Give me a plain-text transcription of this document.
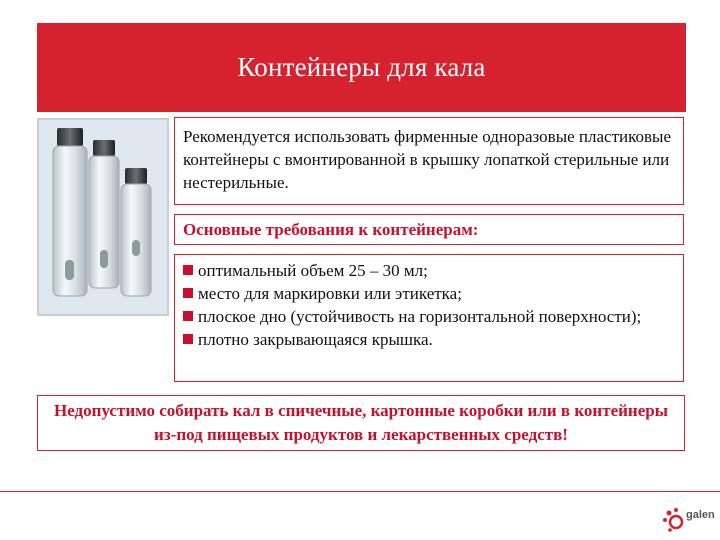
Контейнеры для кала
Рекомендуется использовать фирменные одноразовые пластиковые контейнеры с вмонтированной в крышку лопаткой стерильные или нестерильные.
Основные требования к контейнерам:
оптимальный объем 25 – 30 мл;
место для маркировки или этикетка;
плоское дно (устойчивость на горизонтальной поверхности);
плотно закрывающаяся крышка.
Недопустимо собирать кал в спичечные, картонные коробки или в контейнеры из-под пищевых продуктов и лекарственных средств!
galen
